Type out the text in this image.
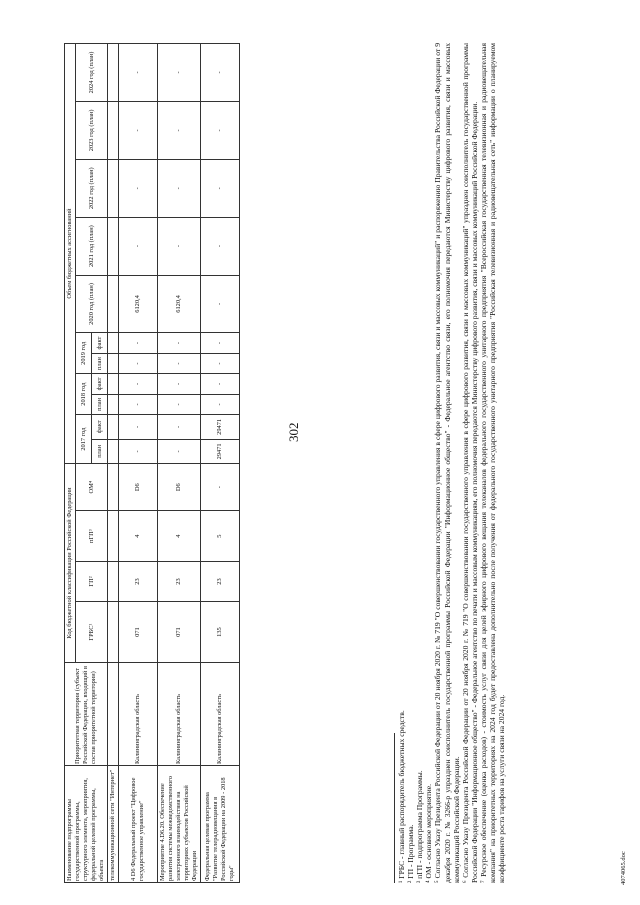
Наименование подпрограммы государственной программы, структурного элемента, мероприятия, федеральной целевой программы, объекта	Приоритетная территория (субъект Российской Федерации, входящий в состав приоритетной территории)	Код бюджетной классификации Российской Федерации				Объем бюджетных ассигнований										
		ГРБС¹	ГП²	пГП³	ОМ⁴	2017 год		2018 год		2019 год		2020 год (план)	2021 год (план)	2022 год (план)	2023 год (план)	2024 год (план)
						план	факт	план	факт	план	факт					
телекоммуникационной сети "Интернет"																
4 D6 Федеральный проект "Цифровое государственное управление"	Калининградская область	071	23	4	D6	-	-	-	-	-	-	6120,4	-	-	-	-
Мероприятие 4.D6.20. Обеспечение развития системы межведомственного электронного взаимодействия на территориях субъектов Российской Федерации	Калининградская область	071	23	4	D6	-	-	-	-	-	-	6120,4	-	-	-	-
Федеральная целевая программа "Развитие телерадиовещания в Российской Федерации на 2009 - 2018 годы"	Калининградская область	135	23	5	-	29471	29471	-	-	-	-	-	-	-	-	-

¹ ГРБС - главный распорядитель бюджетных средств. ² ГП - Программа. ³ пГП - подпрограмма Программы. ⁴ ОМ - основное мероприятие. ⁵ Согласно Указу Президента Российской Федерации от 20 ноября 2020 г. № 719 "О совершенствовании государственного управления в сфере цифрового развития, связи и массовых коммуникаций" и распоряжению Правительства Российской Федерации от 9 декабря 2020 г. № 3266-р упразднен соисполнитель государственной программы Российской Федерации "Информационное общество" - Федеральное агентство связи, его полномочия передаются Министерству цифрового развития, связи и массовых коммуникаций Российской Федерации. ⁶ Согласно Указу Президента Российской Федерации от 20 ноября 2020 г. № 719 "О совершенствовании государственного управления в сфере цифрового развития, связи и массовых коммуникаций" упразднен соисполнитель государственной программы Российской Федерации "Информационное общество" - Федеральное агентство по печати и массовым коммуникациям, его полномочия передаются Министерству цифрового развития, связи и массовых коммуникаций Российской Федерации. ⁷ Ресурсное обеспечение (оценка расходов) - стоимость услуг связи для целей эфирного цифрового вещания телеканалов федерального государственного унитарного предприятия "Всероссийская государственная телевизионная и радиовещательная компания" на приоритетных территориях на 2024 год будет предоставлена дополнительно после получения от федерального государственного унитарного предприятия "Российская телевизионная и радиовещательная сеть" информации о планируемом коэффициенте роста тарифов на услуги связи на 2024 год.	4074065.doc
302
